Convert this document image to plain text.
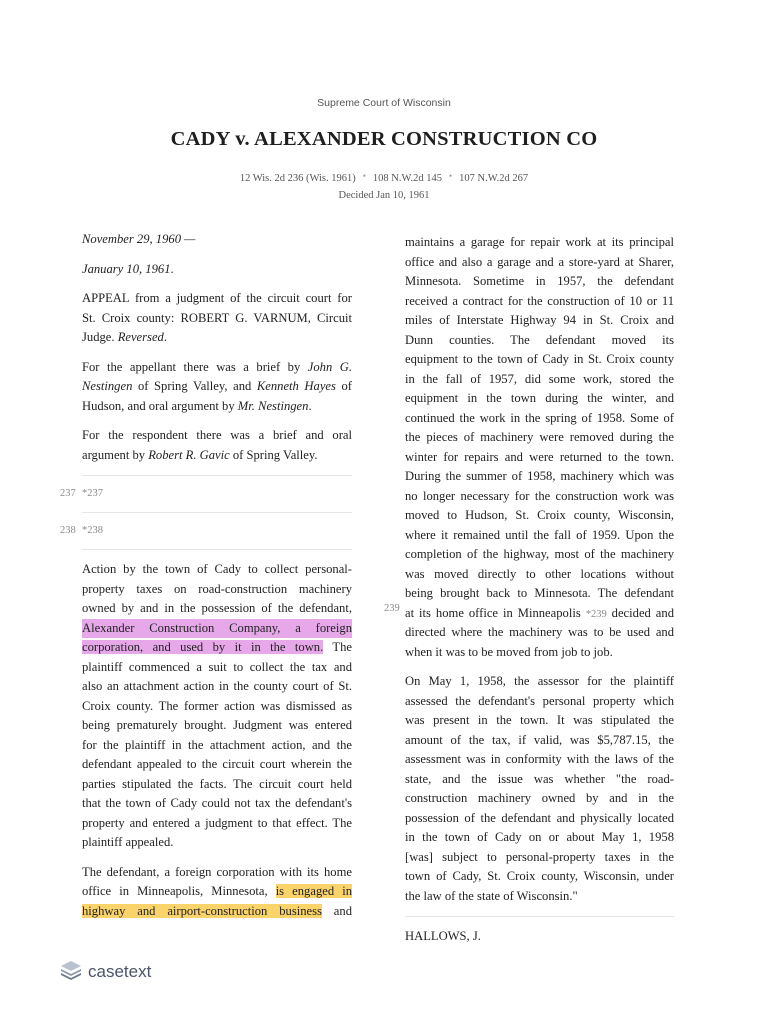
Supreme Court of Wisconsin
CADY v. ALEXANDER CONSTRUCTION CO
12 Wis. 2d 236 (Wis. 1961) • 108 N.W.2d 145 • 107 N.W.2d 267
Decided Jan 10, 1961

November 29, 1960 —

January 10, 1961.

APPEAL from a judgment of the circuit court for
St. Croix county: ROBERT G. VARNUM, Circuit
Judge. Reversed.

For the appellant there was a brief by John G.
Nestingen of Spring Valley, and Kenneth Hayes of
Hudson, and oral argument by Mr. Nestingen.

For the respondent there was a brief and oral
argument by Robert R. Gavic of Spring Valley.

237 *237
238 *238

Action by the town of Cady to collect personal-
property taxes on road-construction machinery
owned by and in the possession of the defendant,
Alexander Construction Company, a foreign
corporation, and used by it in the town. The
plaintiff commenced a suit to collect the tax and
also an attachment action in the county court of St.
Croix county. The former action was dismissed as
being prematurely brought. Judgment was entered
for the plaintiff in the attachment action, and the
defendant appealed to the circuit court wherein the
parties stipulated the facts. The circuit court held
that the town of Cady could not tax the defendant's
property and entered a judgment to that effect. The
plaintiff appealed.

The defendant, a foreign corporation with its home
office in Minneapolis, Minnesota, is engaged in
highway and airport-construction business and

maintains a garage for repair work at its principal
office and also a garage and a store-yard at Sharer,
Minnesota. Sometime in 1957, the defendant
received a contract for the construction of 10 or 11
miles of Interstate Highway 94 in St. Croix and
Dunn counties. The defendant moved its
equipment to the town of Cady in St. Croix county
in the fall of 1957, did some work, stored the
equipment in the town during the winter, and
continued the work in the spring of 1958. Some of
the pieces of machinery were removed during the
winter for repairs and were returned to the town.
During the summer of 1958, machinery which was
no longer necessary for the construction work was
moved to Hudson, St. Croix county, Wisconsin,
where it remained until the fall of 1959. Upon the
completion of the highway, most of the machinery
was moved directly to other locations without
being brought back to Minnesota. The defendant
at its home office in Minneapolis *239 decided and
directed where the machinery was to be used and
when it was to be moved from job to job.

On May 1, 1958, the assessor for the plaintiff
assessed the defendant's personal property which
was present in the town. It was stipulated the
amount of the tax, if valid, was $5,787.15, the
assessment was in conformity with the laws of the
state, and the issue was whether "the road-
construction machinery owned by and in the
possession of the defendant and physically located
in the town of Cady on or about May 1, 1958
[was] subject to personal-property taxes in the
town of Cady, St. Croix county, Wisconsin, under
the law of the state of Wisconsin."

HALLOWS, J.
239
casetext
